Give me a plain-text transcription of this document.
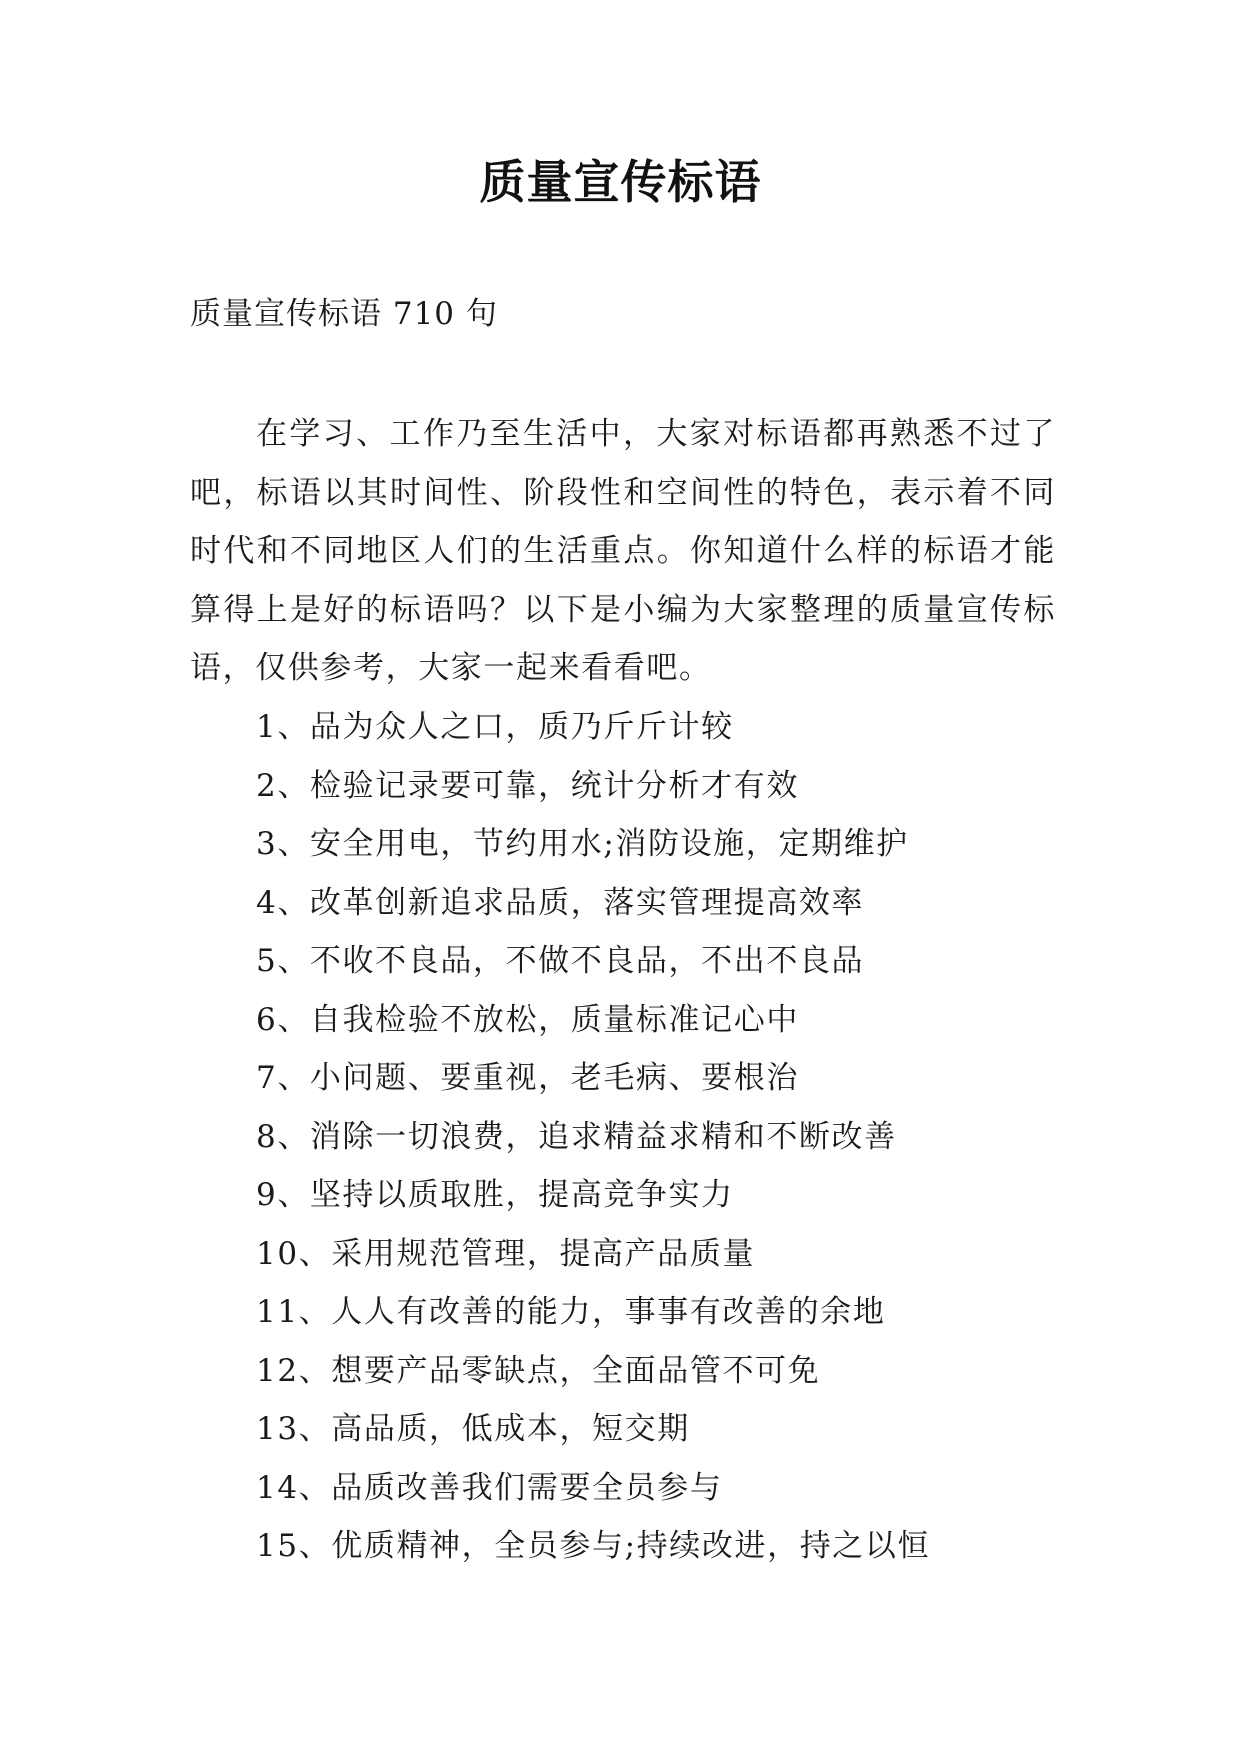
质量宣传标语
质量宣传标语 710 句

在学习、工作乃至生活中，大家对标语都再熟悉不过了吧，标语以其时间性、阶段性和空间性的特色，表示着不同时代和不同地区人们的生活重点。你知道什么样的标语才能算得上是好的标语吗？以下是小编为大家整理的质量宣传标语，仅供参考，大家一起来看看吧。

1、品为众人之口，质乃斤斤计较
2、检验记录要可靠，统计分析才有效
3、安全用电，节约用水;消防设施，定期维护
4、改革创新追求品质，落实管理提高效率
5、不收不良品，不做不良品，不出不良品
6、自我检验不放松，质量标准记心中
7、小问题、要重视，老毛病、要根治
8、消除一切浪费，追求精益求精和不断改善
9、坚持以质取胜，提高竞争实力
10、采用规范管理，提高产品质量
11、人人有改善的能力，事事有改善的余地
12、想要产品零缺点，全面品管不可免
13、高品质，低成本，短交期
14、品质改善我们需要全员参与
15、优质精神，全员参与;持续改进，持之以恒
